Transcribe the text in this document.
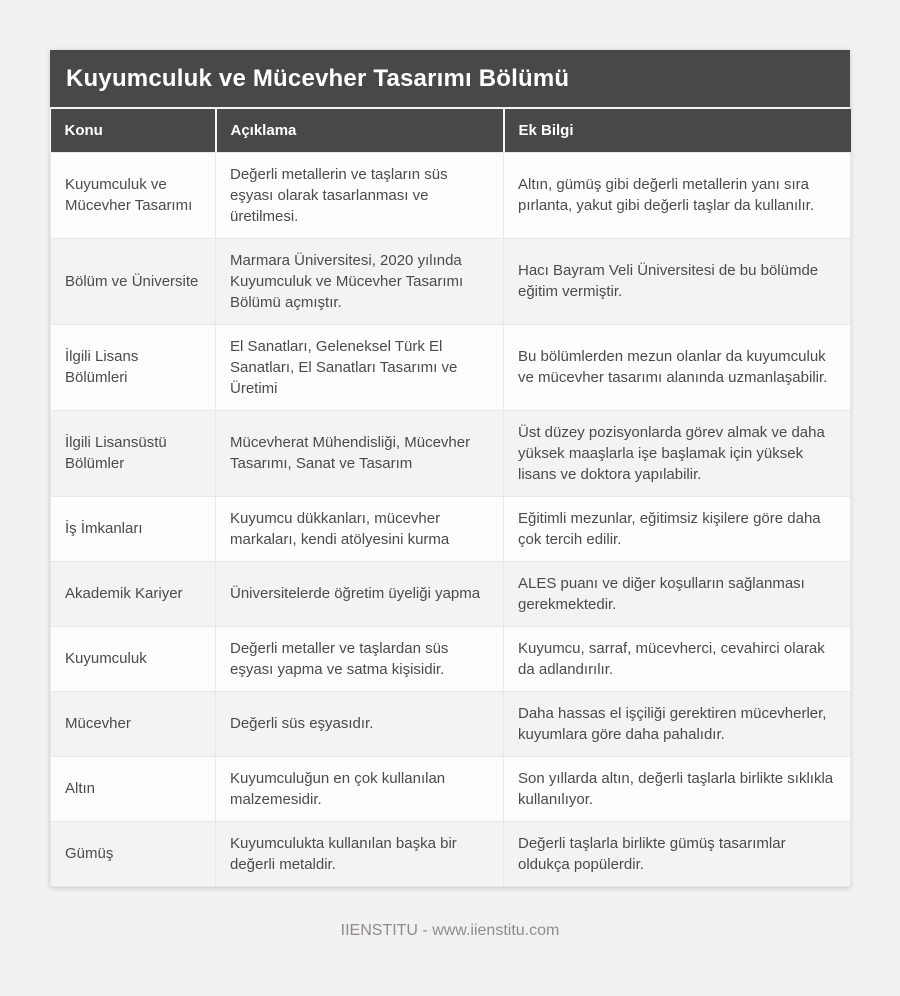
Kuyumculuk ve Mücevher Tasarımı Bölümü
Konu	Açıklama	Ek Bilgi
Kuyumculuk ve Mücevher Tasarımı	Değerli metallerin ve taşların süs eşyası olarak tasarlanması ve üretilmesi.	Altın, gümüş gibi değerli metallerin yanı sıra pırlanta, yakut gibi değerli taşlar da kullanılır.
Bölüm ve Üniversite	Marmara Üniversitesi, 2020 yılında Kuyumculuk ve Mücevher Tasarımı Bölümü açmıştır.	Hacı Bayram Veli Üniversitesi de bu bölümde eğitim vermiştir.
İlgili Lisans Bölümleri	El Sanatları, Geleneksel Türk El Sanatları, El Sanatları Tasarımı ve Üretimi	Bu bölümlerden mezun olanlar da kuyumculuk ve mücevher tasarımı alanında uzmanlaşabilir.
İlgili Lisansüstü Bölümler	Mücevherat Mühendisliği, Mücevher Tasarımı, Sanat ve Tasarım	Üst düzey pozisyonlarda görev almak ve daha yüksek maaşlarla işe başlamak için yüksek lisans ve doktora yapılabilir.
İş İmkanları	Kuyumcu dükkanları, mücevher markaları, kendi atölyesini kurma	Eğitimli mezunlar, eğitimsiz kişilere göre daha çok tercih edilir.
Akademik Kariyer	Üniversitelerde öğretim üyeliği yapma	ALES puanı ve diğer koşulların sağlanması gerekmektedir.
Kuyumculuk	Değerli metaller ve taşlardan süs eşyası yapma ve satma kişisidir.	Kuyumcu, sarraf, mücevherci, cevahirci olarak da adlandırılır.
Mücevher	Değerli süs eşyasıdır.	Daha hassas el işçiliği gerektiren mücevherler, kuyumlara göre daha pahalıdır.
Altın	Kuyumculuğun en çok kullanılan malzemesidir.	Son yıllarda altın, değerli taşlarla birlikte sıklıkla kullanılıyor.
Gümüş	Kuyumculukta kullanılan başka bir değerli metaldir.	Değerli taşlarla birlikte gümüş tasarımlar oldukça popülerdir.
IIENSTITU - www.iienstitu.com
